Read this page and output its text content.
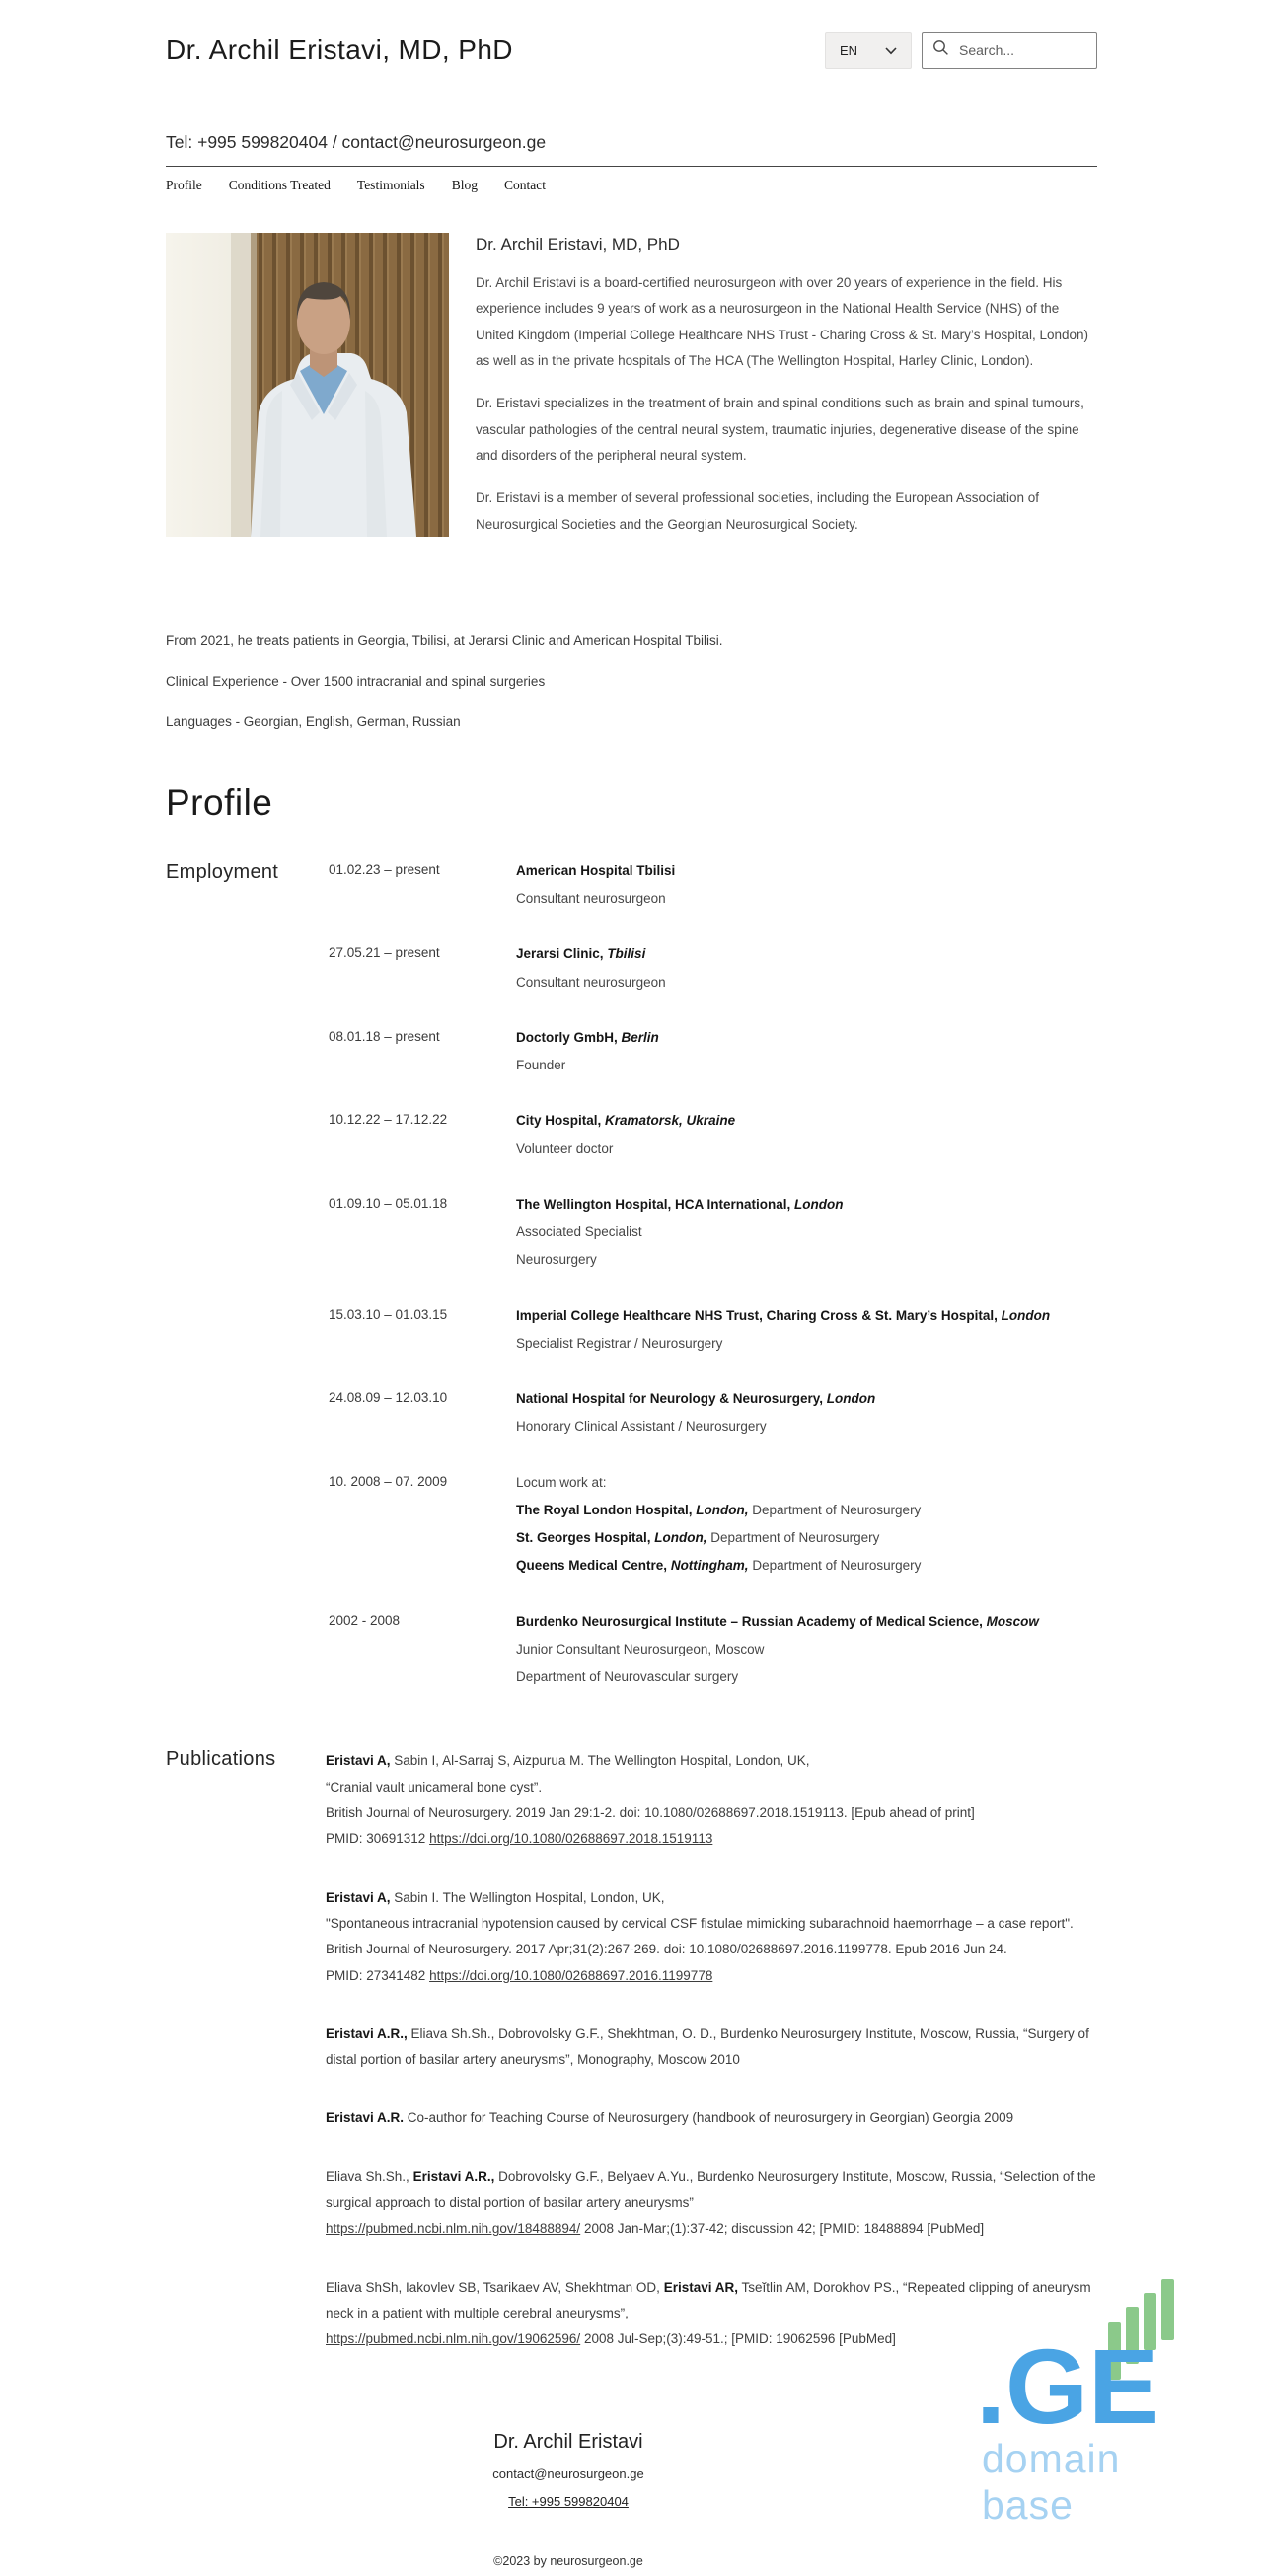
Dr. Archil Eristavi, MD, PhD	EN
Search...
Tel: +995 599820404 / contact@neurosurgeon.ge
Profile Conditions Treated Testimonials Blog Contact
Dr. Archil Eristavi, MD, PhD

Dr. Archil Eristavi is a board-certified neurosurgeon with over 20 years of experience in the field. His experience includes 9 years of work as a neurosurgeon in the National Health Service (NHS) of the United Kingdom (Imperial College Healthcare NHS Trust - Charing Cross & St. Mary’s Hospital, London) as well as in the private hospitals of The HCA (The Wellington Hospital, Harley Clinic, London).

Dr. Eristavi specializes in the treatment of brain and spinal conditions such as brain and spinal tumours, vascular pathologies of the central neural system, traumatic injuries, degenerative disease of the spine and disorders of the peripheral neural system.

Dr. Eristavi is a member of several professional societies, including the European Association of Neurosurgical Societies and the Georgian Neurosurgical Society.

From 2021, he treats patients in Georgia, Tbilisi, at Jerarsi Clinic and American Hospital Tbilisi.

Clinical Experience - Over 1500 intracranial and spinal surgeries

Languages - Georgian, English, German, Russian

Profile
Employment	01.02.23 – present	American Hospital Tbilisi
Consultant neurosurgeon
27.05.21 – present	Jerarsi Clinic, Tbilisi
Consultant neurosurgeon
08.01.18 – present	Doctorly GmbH, Berlin
Founder
10.12.22 – 17.12.22	City Hospital, Kramatorsk, Ukraine
Volunteer doctor
01.09.10 – 05.01.18	The Wellington Hospital, HCA International, London
Associated Specialist
Neurosurgery
15.03.10 – 01.03.15	Imperial College Healthcare NHS Trust, Charing Cross & St. Mary’s Hospital, London
Specialist Registrar / Neurosurgery
24.08.09 – 12.03.10	National Hospital for Neurology & Neurosurgery, London
Honorary Clinical Assistant / Neurosurgery
10. 2008 – 07. 2009	Locum work at:
The Royal London Hospital, London, Department of Neurosurgery
St. Georges Hospital, London, Department of Neurosurgery
Queens Medical Centre, Nottingham, Department of Neurosurgery
2002 - 2008	Burdenko Neurosurgical Institute – Russian Academy of Medical Science, Moscow
Junior Consultant Neurosurgeon, Moscow
Department of Neurovascular surgery
Publications	Eristavi A, Sabin I, Al-Sarraj S, Aizpurua M. The Wellington Hospital, London, UK,
“Cranial vault unicameral bone cyst”.
British Journal of Neurosurgery. 2019 Jan 29:1-2. doi: 10.1080/02688697.2018.1519113. [Epub ahead of print]
PMID: 30691312 https://doi.org/10.1080/02688697.2018.1519113
Eristavi A, Sabin I. The Wellington Hospital, London, UK,
"Spontaneous intracranial hypotension caused by cervical CSF fistulae mimicking subarachnoid haemorrhage – a case report".
British Journal of Neurosurgery. 2017 Apr;31(2):267-269. doi: 10.1080/02688697.2016.1199778. Epub 2016 Jun 24.
PMID: 27341482 https://doi.org/10.1080/02688697.2016.1199778
Eristavi A.R., Eliava Sh.Sh., Dobrovolsky G.F., Shekhtman, O. D., Burdenko Neurosurgery Institute, Moscow, Russia, “Surgery of distal portion of basilar artery aneurysms”, Monography, Moscow 2010
Eristavi A.R. Co-author for Teaching Course of Neurosurgery (handbook of neurosurgery in Georgian) Georgia 2009
Eliava Sh.Sh., Eristavi A.R., Dobrovolsky G.F., Belyaev A.Yu., Burdenko Neurosurgery Institute, Moscow, Russia, “Selection of the surgical approach to distal portion of basilar artery aneurysms”
https://pubmed.ncbi.nlm.nih.gov/18488894/ 2008 Jan-Mar;(1):37-42; discussion 42; [PMID: 18488894 [PubMed]
Eliava ShSh, Iakovlev SB, Tsarikaev AV, Shekhtman OD, Eristavi AR, Tseĭtlin AM, Dorokhov PS., “Repeated clipping of aneurysm neck in a patient with multiple cerebral aneurysms”,
https://pubmed.ncbi.nlm.nih.gov/19062596/ 2008 Jul-Sep;(3):49-51.; [PMID: 19062596 [PubMed]
Dr. Archil Eristavi
contact@neurosurgeon.ge
Tel: +995 599820404
©2023 by neurosurgeon.ge
.GE
domain base
